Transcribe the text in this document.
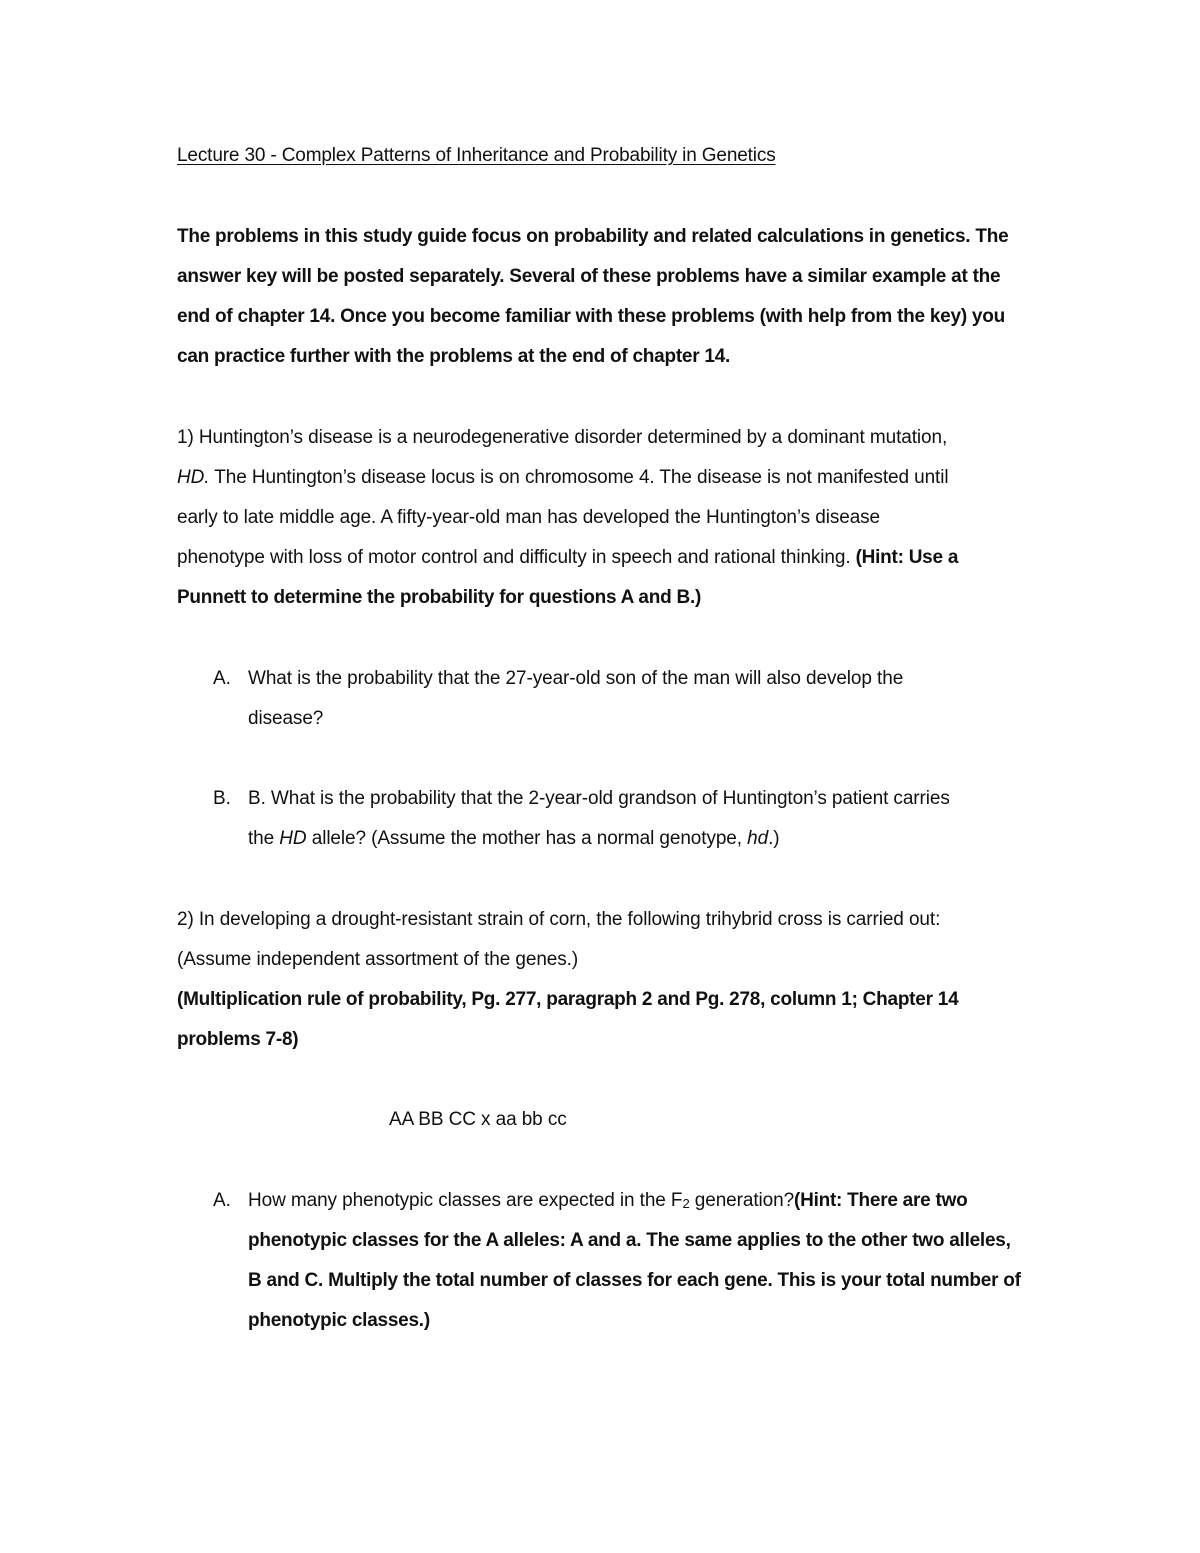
Lecture 30 - Complex Patterns of Inheritance and Probability in Genetics
The problems in this study guide focus on probability and related calculations in genetics. The
answer key will be posted separately. Several of these problems have a similar example at the
end of chapter 14. Once you become familiar with these problems (with help from the key) you
can practice further with the problems at the end of chapter 14.
1) Huntington’s disease is a neurodegenerative disorder determined by a dominant mutation,
HD. The Huntington’s disease locus is on chromosome 4. The disease is not manifested until
early to late middle age. A fifty-year-old man has developed the Huntington’s disease
phenotype with loss of motor control and difficulty in speech and rational thinking. (Hint: Use a
Punnett to determine the probability for questions A and B.)
A. What is the probability that the 27-year-old son of the man will also develop the
disease?
B. B. What is the probability that the 2-year-old grandson of Huntington’s patient carries
the HD allele? (Assume the mother has a normal genotype, hd.)
2) In developing a drought-resistant strain of corn, the following trihybrid cross is carried out:
(Assume independent assortment of the genes.)
(Multiplication rule of probability, Pg. 277, paragraph 2 and Pg. 278, column 1; Chapter 14
problems 7-8)
AA BB CC x aa bb cc
A. How many phenotypic classes are expected in the $F_2$ generation?(Hint: There are two
phenotypic classes for the A alleles: A and a. The same applies to the other two alleles,
B and C. Multiply the total number of classes for each gene. This is your total number of
phenotypic classes.)
